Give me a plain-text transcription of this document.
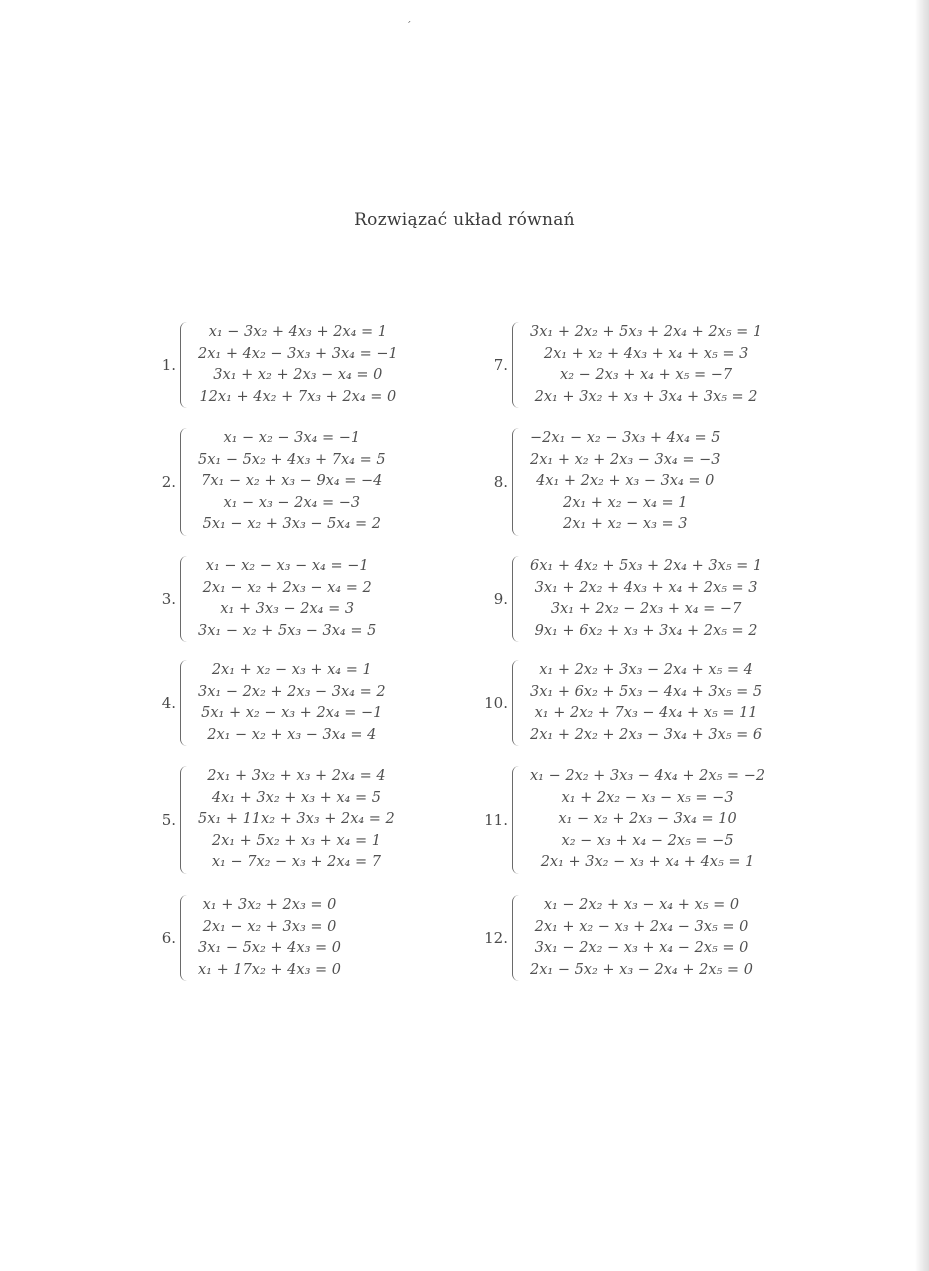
´
Rozwiązać układ równań
1.
x₁ − 3x₂ + 4x₃ + 2x₄ = 1
2x₁ + 4x₂ − 3x₃ + 3x₄ = −1
3x₁ + x₂ + 2x₃ − x₄ = 0
12x₁ + 4x₂ + 7x₃ + 2x₄ = 0
2.
x₁ − x₂ − 3x₄ = −1
5x₁ − 5x₂ + 4x₃ + 7x₄ = 5
7x₁ − x₂ + x₃ − 9x₄ = −4
x₁ − x₃ − 2x₄ = −3
5x₁ − x₂ + 3x₃ − 5x₄ = 2
3.
x₁ − x₂ − x₃ − x₄ = −1
2x₁ − x₂ + 2x₃ − x₄ = 2
x₁ + 3x₃ − 2x₄ = 3
3x₁ − x₂ + 5x₃ − 3x₄ = 5
4.
2x₁ + x₂ − x₃ + x₄ = 1
3x₁ − 2x₂ + 2x₃ − 3x₄ = 2
5x₁ + x₂ − x₃ + 2x₄ = −1
2x₁ − x₂ + x₃ − 3x₄ = 4
5.
2x₁ + 3x₂ + x₃ + 2x₄ = 4
4x₁ + 3x₂ + x₃ + x₄ = 5
5x₁ + 11x₂ + 3x₃ + 2x₄ = 2
2x₁ + 5x₂ + x₃ + x₄ = 1
x₁ − 7x₂ − x₃ + 2x₄ = 7
6.
x₁ + 3x₂ + 2x₃ = 0
2x₁ − x₂ + 3x₃ = 0
3x₁ − 5x₂ + 4x₃ = 0
x₁ + 17x₂ + 4x₃ = 0
7.
3x₁ + 2x₂ + 5x₃ + 2x₄ + 2x₅ = 1
2x₁ + x₂ + 4x₃ + x₄ + x₅ = 3
x₂ − 2x₃ + x₄ + x₅ = −7
2x₁ + 3x₂ + x₃ + 3x₄ + 3x₅ = 2
8.
−2x₁ − x₂ − 3x₃ + 4x₄ = 5
2x₁ + x₂ + 2x₃ − 3x₄ = −3
4x₁ + 2x₂ + x₃ − 3x₄ = 0
2x₁ + x₂ − x₄ = 1
2x₁ + x₂ − x₃ = 3
9.
6x₁ + 4x₂ + 5x₃ + 2x₄ + 3x₅ = 1
3x₁ + 2x₂ + 4x₃ + x₄ + 2x₅ = 3
3x₁ + 2x₂ − 2x₃ + x₄ = −7
9x₁ + 6x₂ + x₃ + 3x₄ + 2x₅ = 2
10.
x₁ + 2x₂ + 3x₃ − 2x₄ + x₅ = 4
3x₁ + 6x₂ + 5x₃ − 4x₄ + 3x₅ = 5
x₁ + 2x₂ + 7x₃ − 4x₄ + x₅ = 11
2x₁ + 2x₂ + 2x₃ − 3x₄ + 3x₅ = 6
11.
x₁ − 2x₂ + 3x₃ − 4x₄ + 2x₅ = −2
x₁ + 2x₂ − x₃ − x₅ = −3
x₁ − x₂ + 2x₃ − 3x₄ = 10
x₂ − x₃ + x₄ − 2x₅ = −5
2x₁ + 3x₂ − x₃ + x₄ + 4x₅ = 1
12.
x₁ − 2x₂ + x₃ − x₄ + x₅ = 0
2x₁ + x₂ − x₃ + 2x₄ − 3x₅ = 0
3x₁ − 2x₂ − x₃ + x₄ − 2x₅ = 0
2x₁ − 5x₂ + x₃ − 2x₄ + 2x₅ = 0
